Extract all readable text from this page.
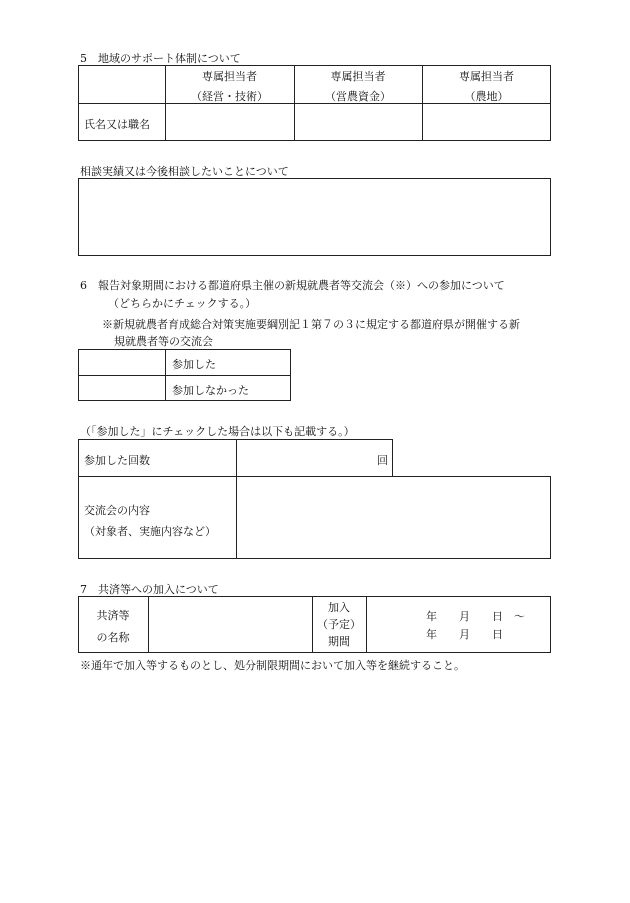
5　地域のサポート体制について
専属担当者
（経営・技術）
専属担当者
（営農資金）
専属担当者
（農地）
氏名又は職名
相談実績又は今後相談したいことについて
6　報告対象期間における都道府県主催の新規就農者等交流会（※）への参加について
（どちらかにチェックする。）
※新規就農者育成総合対策実施要綱別記１第７の３に規定する都道府県が開催する新
規就農者等の交流会
参加した
参加しなかった
（「参加した」にチェックした場合は以下も記載する。）
参加した回数	回
交流会の内容
（対象者、実施内容など）
7　共済等への加入について
共済等
の名称
加入
（予定）
期間
年　　月　　日　～
年　　月　　日
※通年で加入等するものとし、処分制限期間において加入等を継続すること。
